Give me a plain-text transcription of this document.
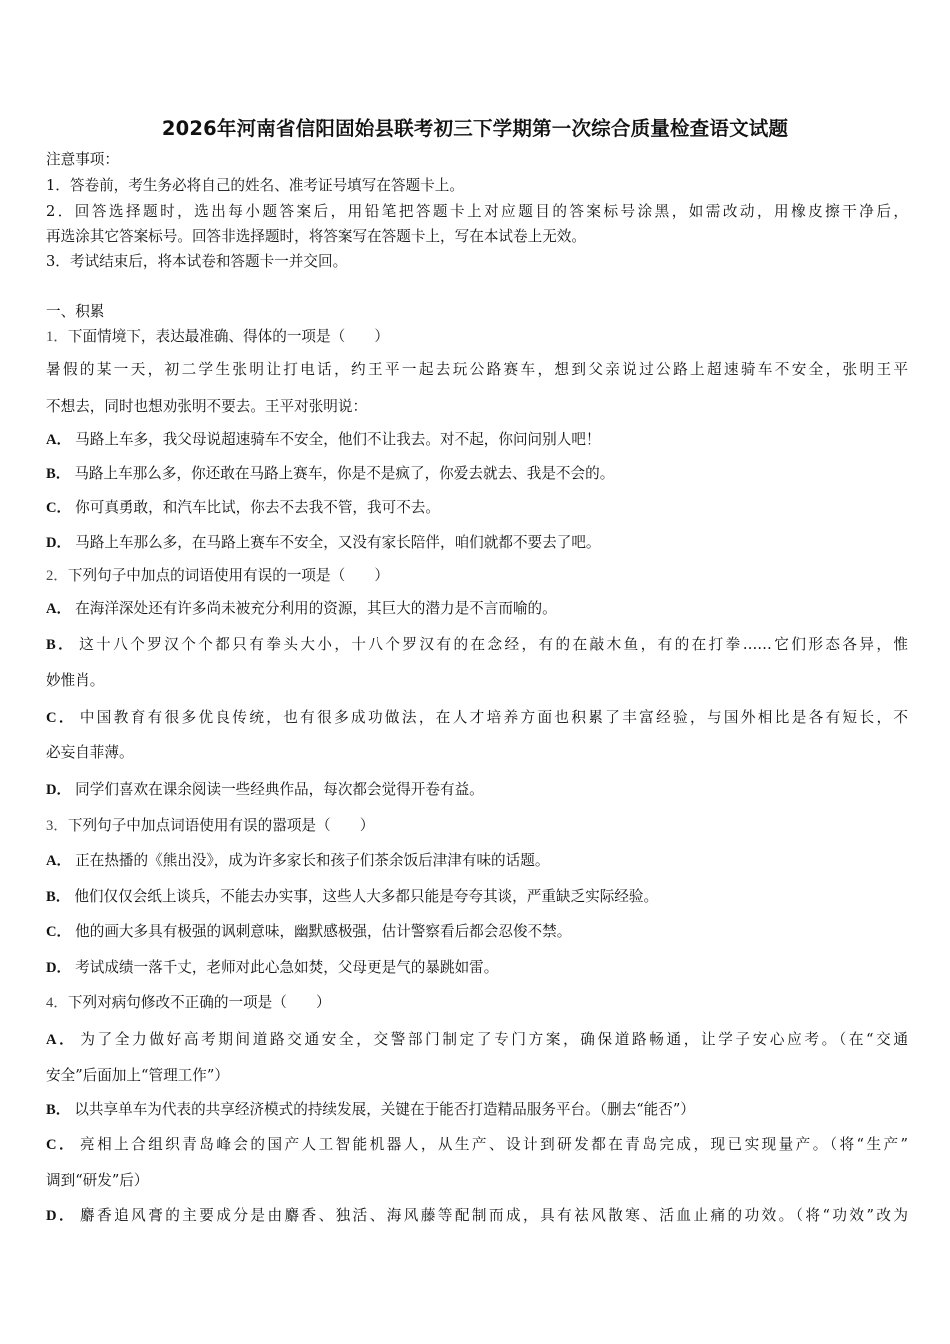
2026年河南省信阳固始县联考初三下学期第一次综合质量检查语文试题
注意事项：
1．答卷前，考生务必将自己的姓名、准考证号填写在答题卡上。
2．回答选择题时，选出每小题答案后，用铅笔把答题卡上对应题目的答案标号涂黑，如需改动，用橡皮擦干净后，
再选涂其它答案标号。回答非选择题时，将答案写在答题卡上，写在本试卷上无效。
3．考试结束后，将本试卷和答题卡一并交回。
一、积累
1．下面情境下，表达最准确、得体的一项是（　　）
暑假的某一天，初二学生张明让打电话，约王平一起去玩公路赛车，想到父亲说过公路上超速骑车不安全，张明王平
不想去，同时也想劝张明不要去。王平对张明说：
A． 马路上车多，我父母说超速骑车不安全，他们不让我去。对不起，你问问别人吧！
B． 马路上车那么多，你还敢在马路上赛车，你是不是疯了，你爱去就去、我是不会的。
C． 你可真勇敢，和汽车比试，你去不去我不管，我可不去。
D． 马路上车那么多，在马路上赛车不安全，又没有家长陪伴，咱们就都不要去了吧。
2．下列句子中加点的词语使用有误的一项是（　　）
A． 在海洋深处还有许多尚未被充分利用的资源，其巨大的潜力是不言而喻的。
B． 这十八个罗汉个个都只有拳头大小，十八个罗汉有的在念经，有的在敲木鱼，有的在打拳……它们形态各异，惟
妙惟肖。
C． 中国教育有很多优良传统，也有很多成功做法，在人才培养方面也积累了丰富经验，与国外相比是各有短长，不
必妄自菲薄。
D． 同学们喜欢在课余阅读一些经典作品，每次都会觉得开卷有益。
3．下列句子中加点词语使用有误的嚣项是（　　）
A． 正在热播的《熊出没》，成为许多家长和孩子们茶余饭后津津有味的话题。
B． 他们仅仅会纸上谈兵，不能去办实事，这些人大多都只能是夸夸其谈，严重缺乏实际经验。
C． 他的画大多具有极强的讽刺意味，幽默感极强，估计警察看后都会忍俊不禁。
D． 考试成绩一落千丈，老师对此心急如焚，父母更是气的暴跳如雷。
4．下列对病句修改不正确的一项是（　　）
A． 为了全力做好高考期间道路交通安全，交警部门制定了专门方案，确保道路畅通，让学子安心应考。（在“交通
安全”后面加上“管理工作”）
B． 以共享单车为代表的共享经济模式的持续发展，关键在于能否打造精品服务平台。（删去“能否”）
C． 亮相上合组织青岛峰会的国产人工智能机器人，从生产、设计到研发都在青岛完成，现已实现量产。（将“生产”
调到“研发”后）
D． 麝香追风膏的主要成分是由麝香、独活、海风藤等配制而成，具有祛风散寒、活血止痛的功效。（将“功效”改为
